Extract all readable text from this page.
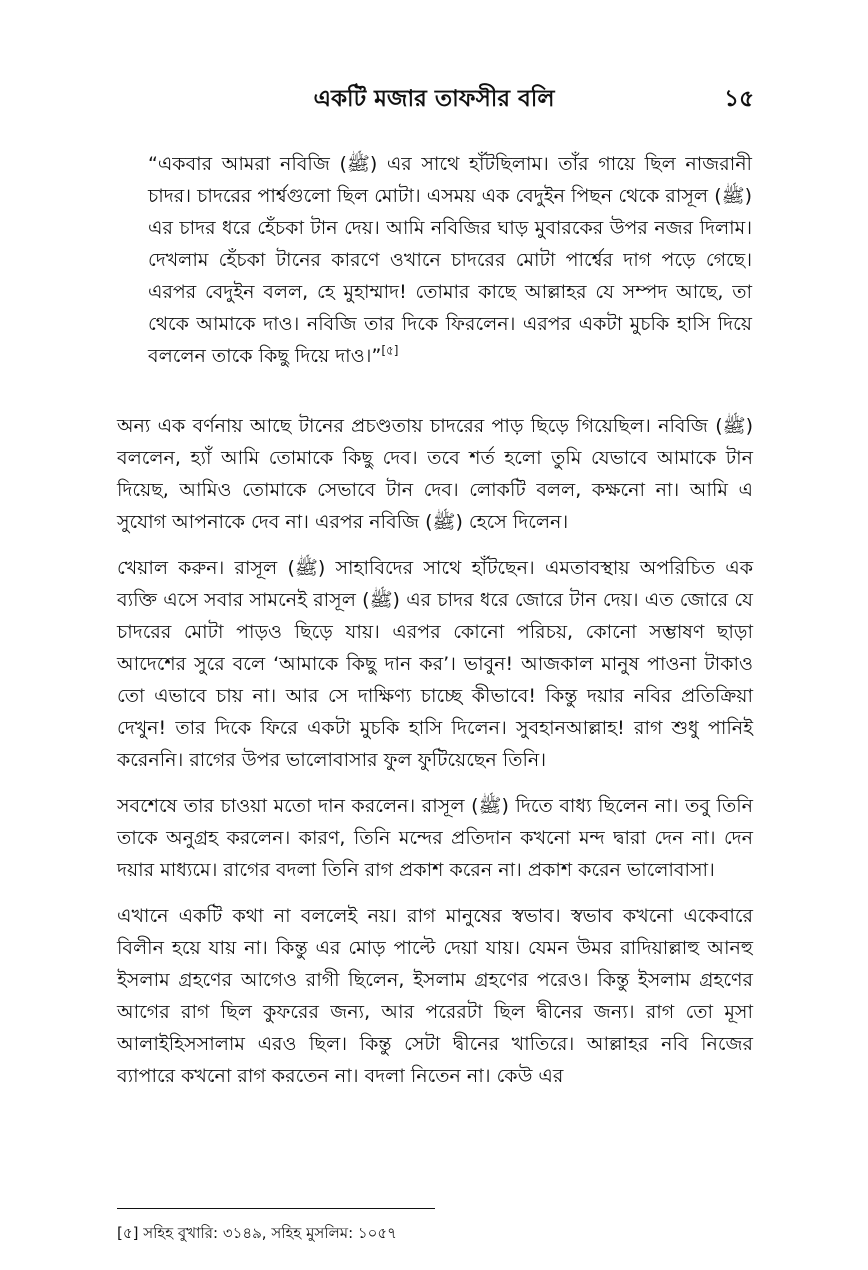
একটি মজার তাফসীর বলি	১৫
“একবার আমরা নবিজি (ﷺ) এর সাথে হাঁটছিলাম। তাঁর গায়ে ছিল নাজরানী চাদর। চাদরের পার্শ্বগুলো ছিল মোটা। এসময় এক বেদুইন পিছন থেকে রাসূল (ﷺ) এর চাদর ধরে হেঁচকা টান দেয়। আমি নবিজির ঘাড় মুবারকের উপর নজর দিলাম। দেখলাম হেঁচকা টানের কারণে ওখানে চাদরের মোটা পার্শ্বের দাগ পড়ে গেছে। এরপর বেদুইন বলল, হে মুহাম্মাদ! তোমার কাছে আল্লাহর যে সম্পদ আছে, তা থেকে আমাকে দাও। নবিজি তার দিকে ফিরলেন। এরপর একটা মুচকি হাসি দিয়ে বললেন তাকে কিছু দিয়ে দাও।”[৫]

অন্য এক বর্ণনায় আছে টানের প্রচণ্ডতায় চাদরের পাড় ছিড়ে গিয়েছিল। নবিজি (ﷺ) বললেন, হ্যাঁ আমি তোমাকে কিছু দেব। তবে শর্ত হলো তুমি যেভাবে আমাকে টান দিয়েছ, আমিও তোমাকে সেভাবে টান দেব। লোকটি বলল, কক্ষনো না। আমি এ সুযোগ আপনাকে দেব না। এরপর নবিজি (ﷺ) হেসে দিলেন।

খেয়াল করুন। রাসূল (ﷺ) সাহাবিদের সাথে হাঁটছেন। এমতাবস্থায় অপরিচিত এক ব্যক্তি এসে সবার সামনেই রাসূল (ﷺ) এর চাদর ধরে জোরে টান দেয়। এত জোরে যে চাদরের মোটা পাড়ও ছিড়ে যায়। এরপর কোনো পরিচয়, কোনো সম্ভাষণ ছাড়া আদেশের সুরে বলে ‘আমাকে কিছু দান কর’। ভাবুন! আজকাল মানুষ পাওনা টাকাও তো এভাবে চায় না। আর সে দাক্ষিণ্য চাচ্ছে কীভাবে! কিন্তু দয়ার নবির প্রতিক্রিয়া দেখুন! তার দিকে ফিরে একটা মুচকি হাসি দিলেন। সুবহানআল্লাহ! রাগ শুধু পানিই করেননি। রাগের উপর ভালোবাসার ফুল ফুটিয়েছেন তিনি।

সবশেষে তার চাওয়া মতো দান করলেন। রাসূল (ﷺ) দিতে বাধ্য ছিলেন না। তবু তিনি তাকে অনুগ্রহ করলেন। কারণ, তিনি মন্দের প্রতিদান কখনো মন্দ দ্বারা দেন না। দেন দয়ার মাধ্যমে। রাগের বদলা তিনি রাগ প্রকাশ করেন না। প্রকাশ করেন ভালোবাসা।

এখানে একটি কথা না বললেই নয়। রাগ মানুষের স্বভাব। স্বভাব কখনো একেবারে বিলীন হয়ে যায় না। কিন্তু এর মোড় পাল্টে দেয়া যায়। যেমন উমর রাদিয়াল্লাহু আনহু ইসলাম গ্রহণের আগেও রাগী ছিলেন, ইসলাম গ্রহণের পরেও। কিন্তু ইসলাম গ্রহণের আগের রাগ ছিল কুফরের জন্য, আর পরেরটা ছিল দ্বীনের জন্য। রাগ তো মূসা আলাইহিসসালাম এরও ছিল। কিন্তু সেটা দ্বীনের খাতিরে। আল্লাহর নবি নিজের ব্যাপারে কখনো রাগ করতেন না। বদলা নিতেন না। কেউ এর

[৫] সহিহ বুখারি: ৩১৪৯, সহিহ মুসলিম: ১০৫৭
